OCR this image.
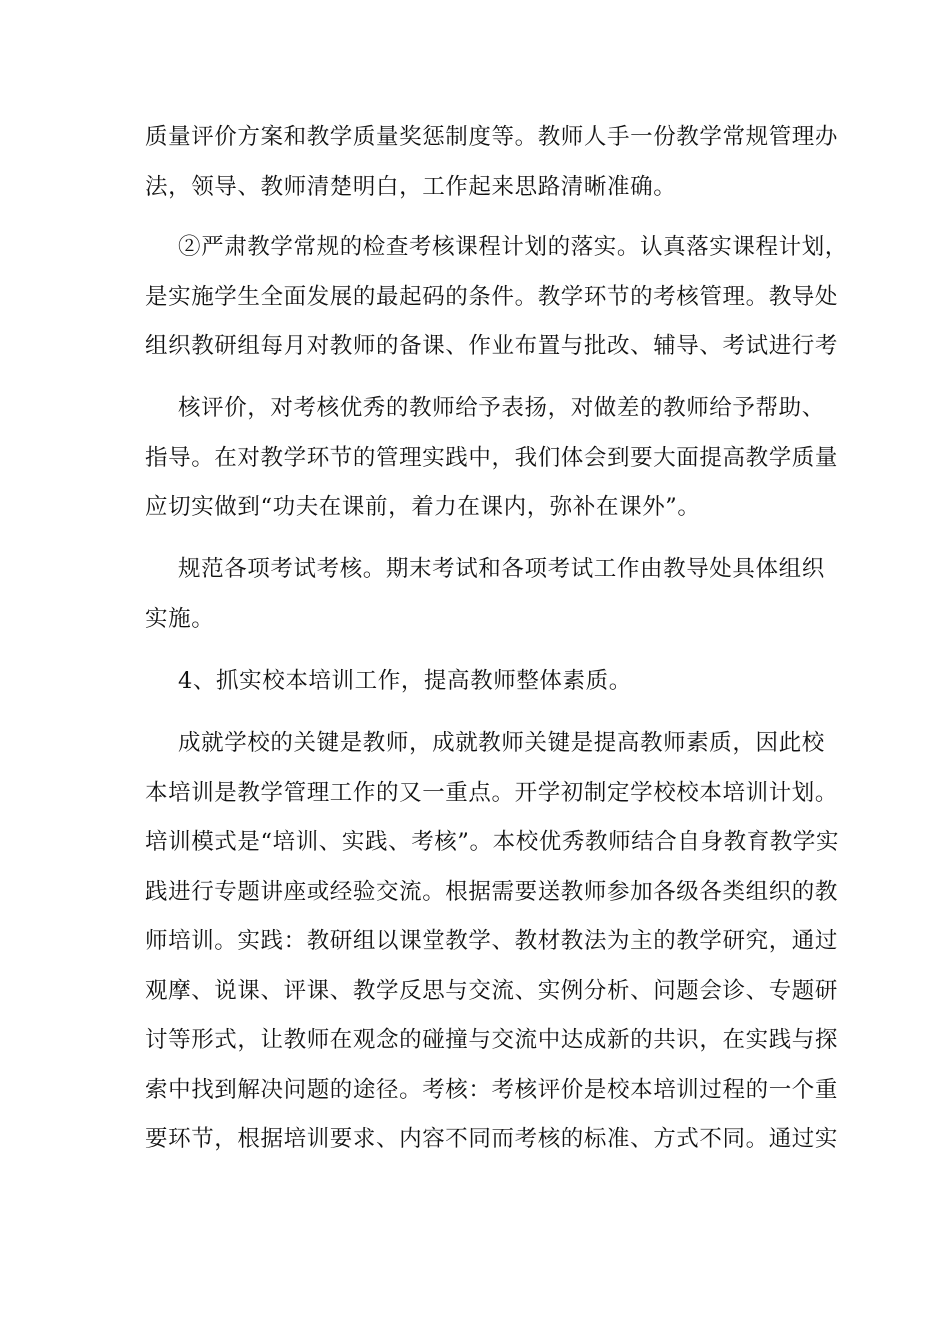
质量评价方案和教学质量奖惩制度等。教师人手一份教学常规管理办
法，领导、教师清楚明白，工作起来思路清晰准确。
②严肃教学常规的检查考核课程计划的落实。认真落实课程计划，
是实施学生全面发展的最起码的条件。教学环节的考核管理。教导处
组织教研组每月对教师的备课、作业布置与批改、辅导、考试进行考
核评价，对考核优秀的教师给予表扬，对做差的教师给予帮助、
指导。在对教学环节的管理实践中，我们体会到要大面提高教学质量
应切实做到“功夫在课前，着力在课内，弥补在课外”。
规范各项考试考核。期末考试和各项考试工作由教导处具体组织
实施。
4、抓实校本培训工作，提高教师整体素质。
成就学校的关键是教师，成就教师关键是提高教师素质，因此校
本培训是教学管理工作的又一重点。开学初制定学校校本培训计划。
培训模式是“培训、实践、考核”。本校优秀教师结合自身教育教学实
践进行专题讲座或经验交流。根据需要送教师参加各级各类组织的教
师培训。实践：教研组以课堂教学、教材教法为主的教学研究，通过
观摩、说课、评课、教学反思与交流、实例分析、问题会诊、专题研
讨等形式，让教师在观念的碰撞与交流中达成新的共识，在实践与探
索中找到解决问题的途径。考核：考核评价是校本培训过程的一个重
要环节，根据培训要求、内容不同而考核的标准、方式不同。通过实
